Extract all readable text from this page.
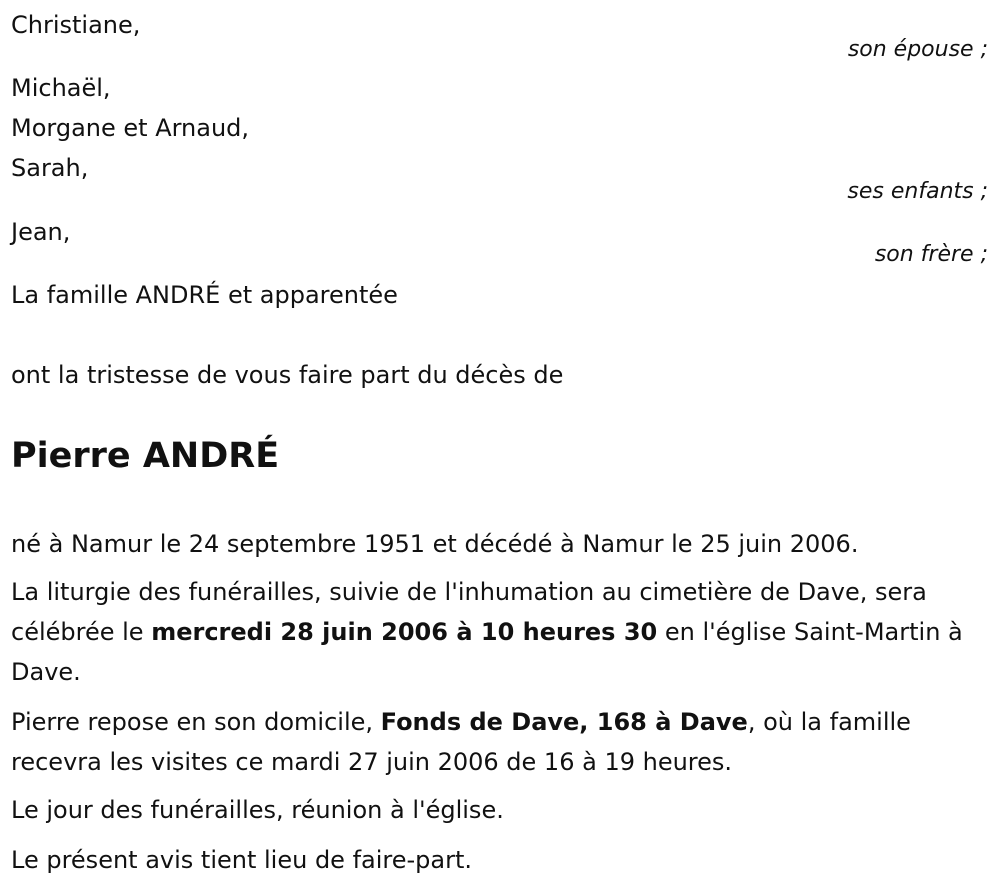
Christiane,
son épouse ;
Michaël,
Morgane et Arnaud,
Sarah,
ses enfants ;
Jean,
son frère ;
La famille ANDRÉ et apparentée
ont la tristesse de vous faire part du décès de
Pierre ANDRÉ
né à Namur le 24 septembre 1951 et décédé à Namur le 25 juin 2006.
La liturgie des funérailles, suivie de l'inhumation au cimetière de Dave, sera célébrée le mercredi 28 juin 2006 à 10 heures 30 en l'église Saint-Martin à Dave.
Pierre repose en son domicile, Fonds de Dave, 168 à Dave, où la famille recevra les visites ce mardi 27 juin 2006 de 16 à 19 heures.
Le jour des funérailles, réunion à l'église.
Le présent avis tient lieu de faire-part.
